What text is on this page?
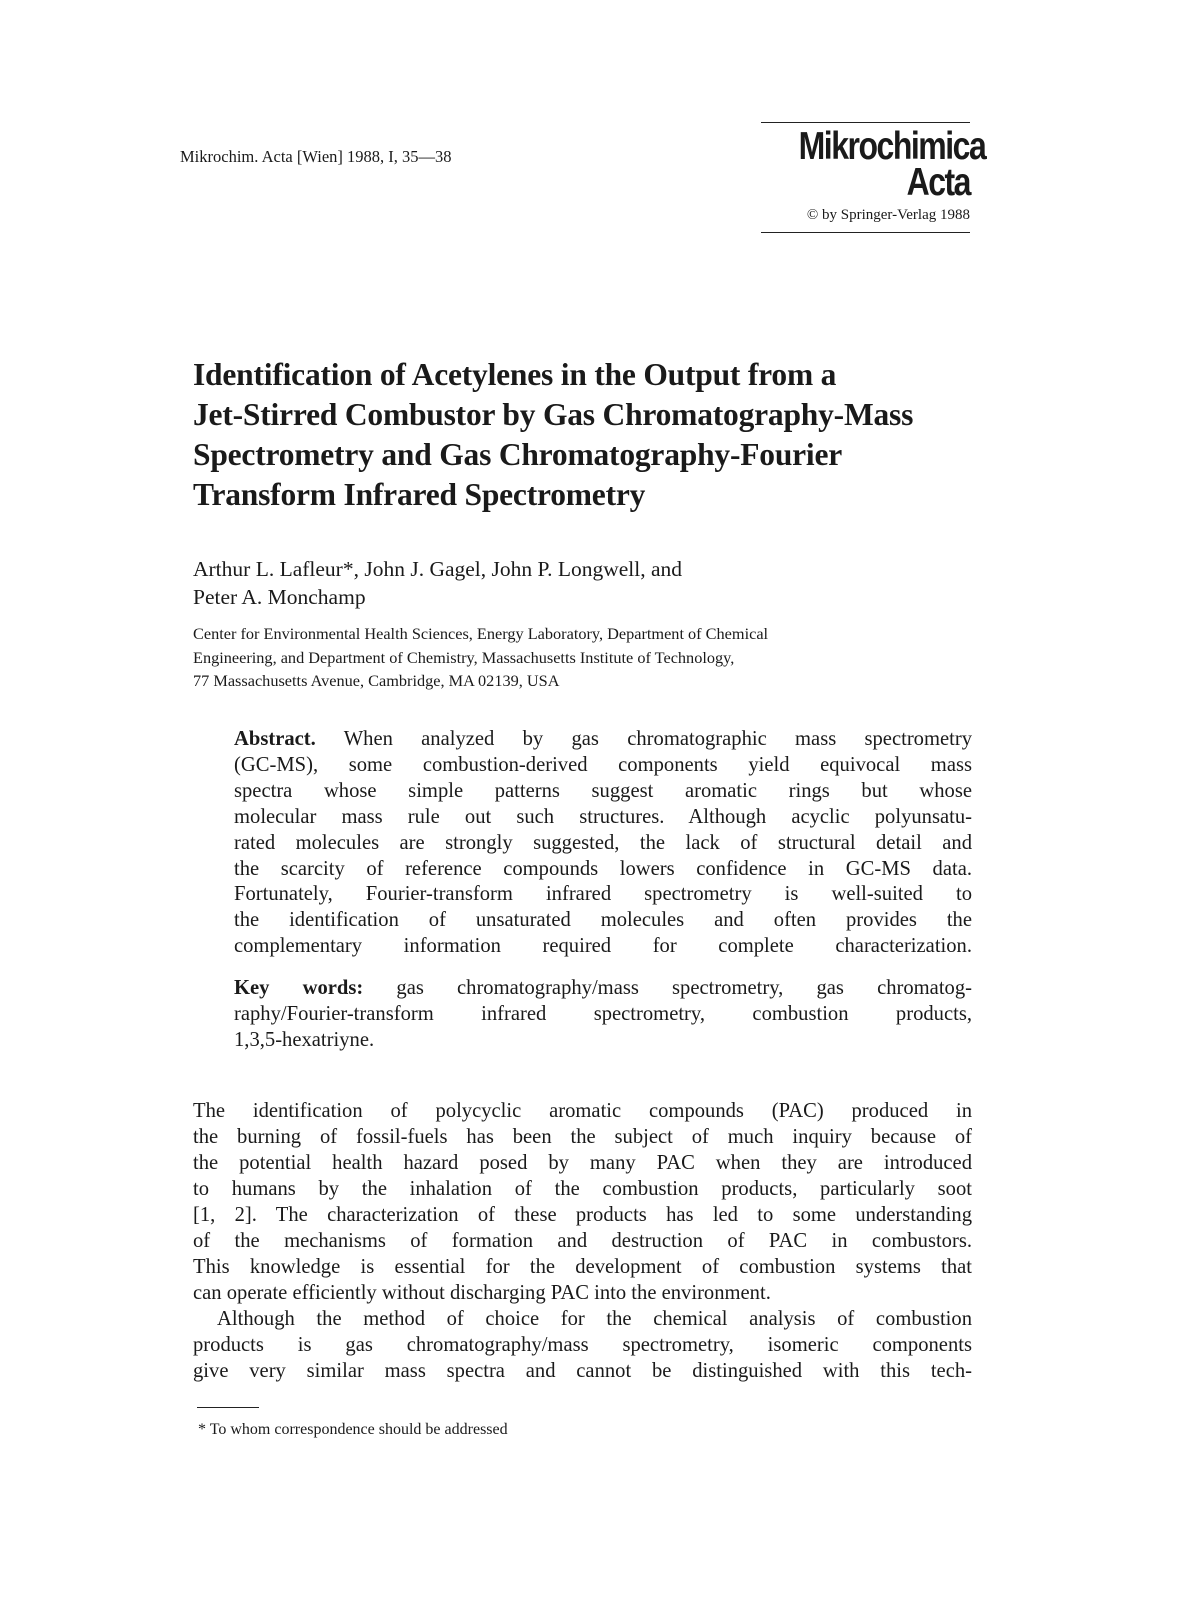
Mikrochim. Acta [Wien] 1988, I, 35—38	Mikrochimica
Acta
© by Springer-Verlag 1988
Identification of Acetylenes in the Output from a
Jet-Stirred Combustor by Gas Chromatography-Mass
Spectrometry and Gas Chromatography-Fourier
Transform Infrared Spectrometry
Arthur L. Lafleur*, John J. Gagel, John P. Longwell, and
Peter A. Monchamp
Center for Environmental Health Sciences, Energy Laboratory, Department of Chemical
Engineering, and Department of Chemistry, Massachusetts Institute of Technology,
77 Massachusetts Avenue, Cambridge, MA 02139, USA
Abstract. When analyzed by gas chromatographic mass spectrometry
(GC-MS), some combustion-derived components yield equivocal mass
spectra whose simple patterns suggest aromatic rings but whose
molecular mass rule out such structures. Although acyclic polyunsatu-
rated molecules are strongly suggested, the lack of structural detail and
the scarcity of reference compounds lowers confidence in GC-MS data.
Fortunately, Fourier-transform infrared spectrometry is well-suited to
the identification of unsaturated molecules and often provides the
complementary information required for complete characterization.
Key words: gas chromatography/mass spectrometry, gas chromatog-
raphy/Fourier-transform infrared spectrometry, combustion products,
1,3,5-hexatriyne.
The identification of polycyclic aromatic compounds (PAC) produced in
the burning of fossil-fuels has been the subject of much inquiry because of
the potential health hazard posed by many PAC when they are introduced
to humans by the inhalation of the combustion products, particularly soot
[1, 2]. The characterization of these products has led to some understanding
of the mechanisms of formation and destruction of PAC in combustors.
This knowledge is essential for the development of combustion systems that
can operate efficiently without discharging PAC into the environment.
Although the method of choice for the chemical analysis of combustion
products is gas chromatography/mass spectrometry, isomeric components
give very similar mass spectra and cannot be distinguished with this tech-
* To whom correspondence should be addressed
